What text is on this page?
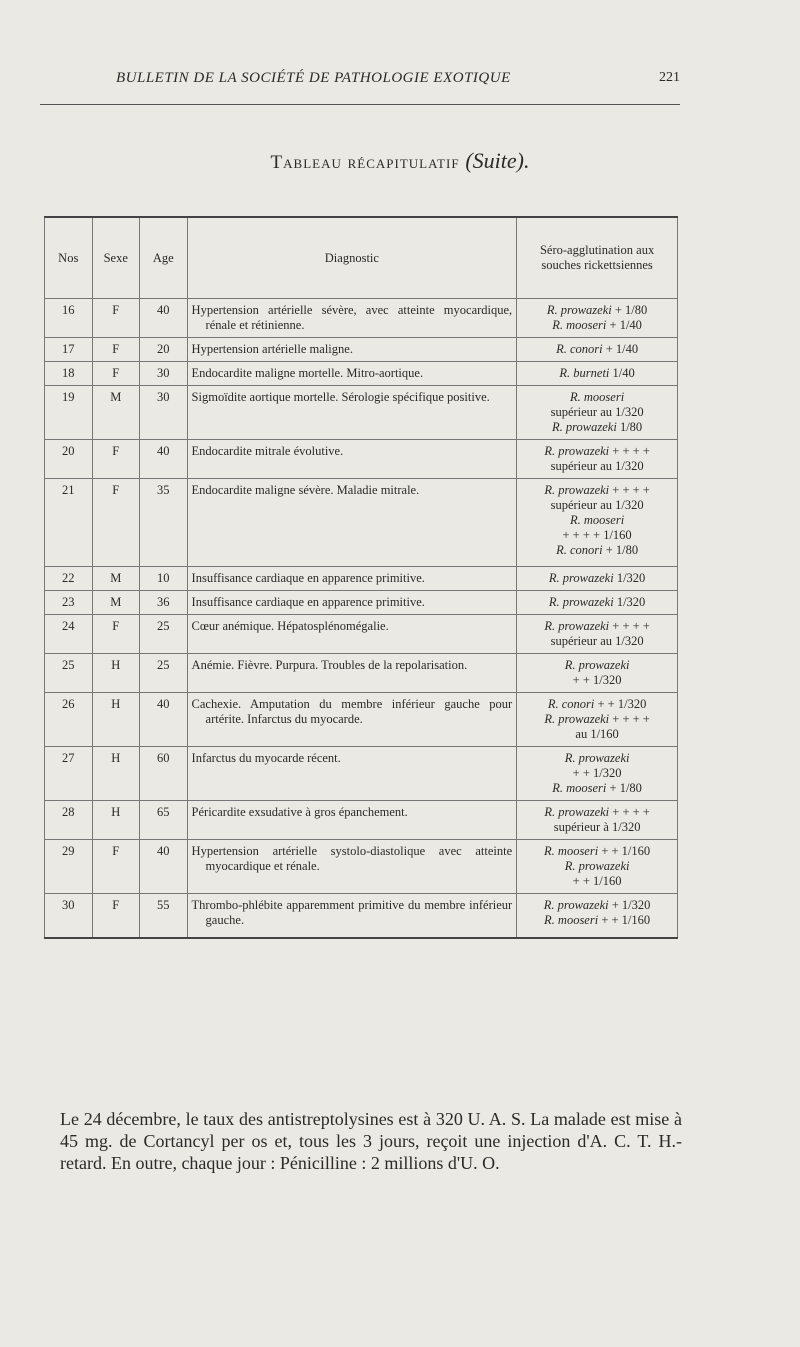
BULLETIN DE LA SOCIÉTÉ DE PATHOLOGIE EXOTIQUE	221
Tableau récapitulatif (Suite).
Nos	Sexe	Age	Diagnostic	Séro-agglutination aux souches rickettsiennes
16	F	40	Hypertension artérielle sévère, avec atteinte myocardique, rénale et rétinienne.	R. prowazeki + 1/80
R. mooseri + 1/40

17	F	20	Hypertension artérielle maligne.	R. conori + 1/40

18	F	30	Endocardite maligne mortelle. Mitro-aortique.	R. burneti 1/40

19	M	30	Sigmoïdite aortique mortelle. Sérologie spécifique positive.	R. mooseri
supérieur au 1/320
R. prowazeki 1/80

20	F	40	Endocardite mitrale évolutive.	R. prowazeki + + + +
supérieur au 1/320

21	F	35	Endocardite maligne sévère. Maladie mitrale.	R. prowazeki + + + +
supérieur au 1/320
R. mooseri
+ + + + 1/160
R. conori + 1/80

22	M	10	Insuffisance cardiaque en apparence primitive.	R. prowazeki 1/320

23	M	36	Insuffisance cardiaque en apparence primitive.	R. prowazeki 1/320

24	F	25	Cœur anémique. Hépatosplénomégalie.	R. prowazeki + + + +
supérieur au 1/320

25	H	25	Anémie. Fièvre. Purpura. Troubles de la repolarisation.	R. prowazeki
+ + 1/320

26	H	40	Cachexie. Amputation du membre inférieur gauche pour artérite. Infarctus du myocarde.	R. conori + + 1/320
R. prowazeki + + + +
au 1/160

27	H	60	Infarctus du myocarde récent.	R. prowazeki
+ + 1/320
R. mooseri + 1/80

28	H	65	Péricardite exsudative à gros épanchement.	R. prowazeki + + + +
supérieur à 1/320

29	F	40	Hypertension artérielle systolo-diastolique avec atteinte myocardique et rénale.	R. mooseri + + 1/160
R. prowazeki
+ + 1/160

30	F	55	Thrombo-phlébite apparemment primitive du membre inférieur gauche.	R. prowazeki + 1/320
R. mooseri + + 1/160
Le 24 décembre, le taux des antistreptolysines est à 320 U. A. S. La malade est mise à 45 mg. de Cortancyl per os et, tous les 3 jours, reçoit une injection d'A. C. T. H.-retard. En outre, chaque jour : Pénicilline : 2 millions d'U. O.
